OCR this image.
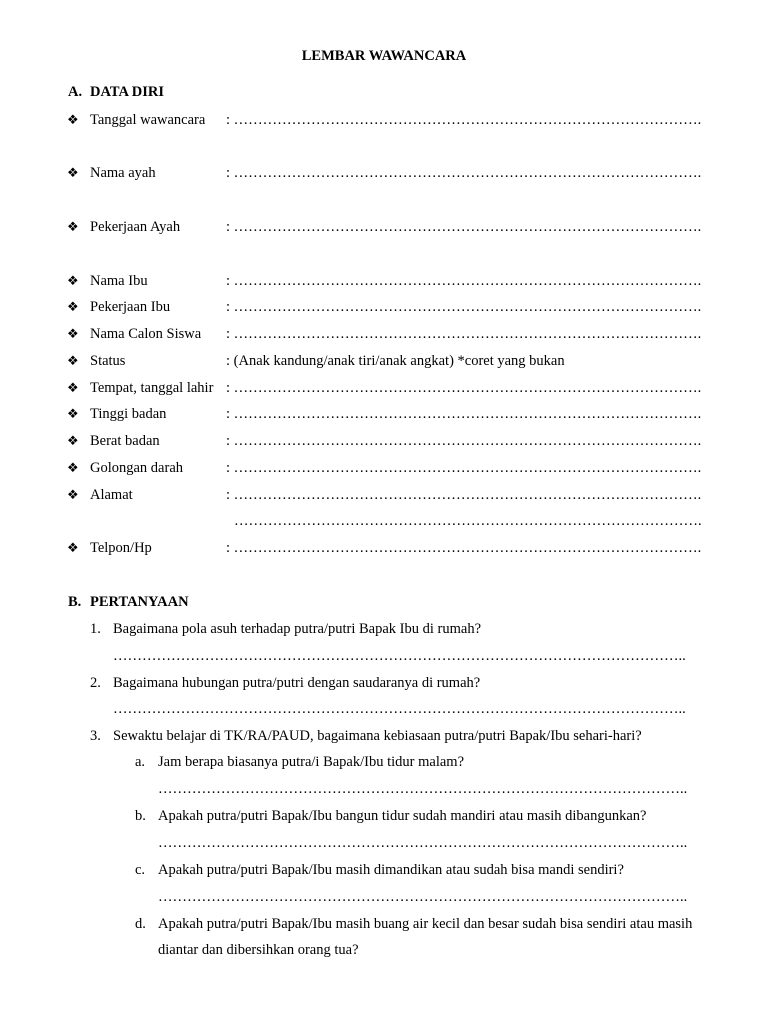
LEMBAR WAWANCARA
A. DATA DIRI
❖ Tanggal wawancara : …………………………………………………………………………………….
❖ Nama ayah	: …………………………………………………………………………………….
❖ Pekerjaan Ayah	: …………………………………………………………………………………….
❖ Nama Ibu	: …………………………………………………………………………………….
❖ Pekerjaan Ibu	: …………………………………………………………………………………….
❖ Nama Calon Siswa : …………………………………………………………………………………….
❖ Status	: (Anak kandung/anak tiri/anak angkat) *coret yang bukan
❖ Tempat, tanggal lahir : …………………………………………………………………………………….
❖ Tinggi badan	: …………………………………………………………………………………….
❖ Berat badan	: …………………………………………………………………………………….
❖ Golongan darah	: …………………………………………………………………………………….
❖ Alamat	: …………………………………………………………………………………….
…………………………………………………………………………………….
❖ Telpon/Hp	: …………………………………………………………………………………….
B. PERTANYAAN
1. Bagaimana pola asuh terhadap putra/putri Bapak Ibu di rumah?
………………………………………………………………………………………………………..
2. Bagaimana hubungan putra/putri dengan saudaranya di rumah?
………………………………………………………………………………………………………..
3. Sewaktu belajar di TK/RA/PAUD, bagaimana kebiasaan putra/putri Bapak/Ibu sehari-hari?
a. Jam berapa biasanya putra/i Bapak/Ibu tidur malam?
………………………………………………………………………………………………..
b. Apakah putra/putri Bapak/Ibu bangun tidur sudah mandiri atau masih dibangunkan?
………………………………………………………………………………………………..
c. Apakah putra/putri Bapak/Ibu masih dimandikan atau sudah bisa mandi sendiri?
………………………………………………………………………………………………..
d. Apakah putra/putri Bapak/Ibu masih buang air kecil dan besar sudah bisa sendiri atau masih
diantar dan dibersihkan orang tua?
